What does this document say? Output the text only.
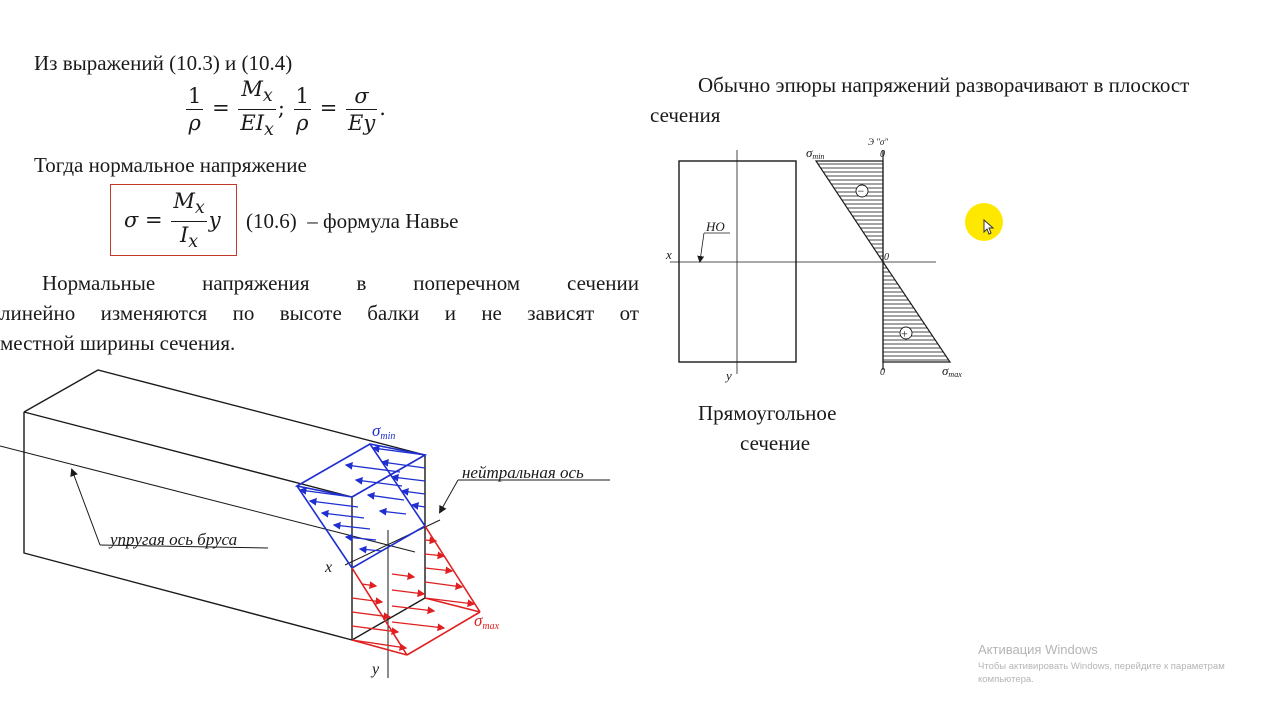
Из выражений (10.3) и (10.4)
$\frac{1}{\rho} = \frac{M_x}{EI_x}$ ; $\frac{1}{\rho} = \frac{\sigma}{Ey}$ .
Тогда нормальное напряжение
$\sigma = \frac{M_x}{I_x}$ y (10.6) – формула Навье
Нормальные напряжения в поперечном сечении
линейно изменяются по высоте балки и не зависят от
местной ширины сечения.
σmin
σmax
нейтральная ось
упругая ось бруса
x
y
Обычно эпюры напряжений разворачивают в плоскост
сечения
−
+
σmin
Э "σ"
0
0
0	σmax
НО
x
y
Прямоугольное
сечение
Активация Windows
Чтобы активировать Windows, перейдите к параметрам компьютера.
